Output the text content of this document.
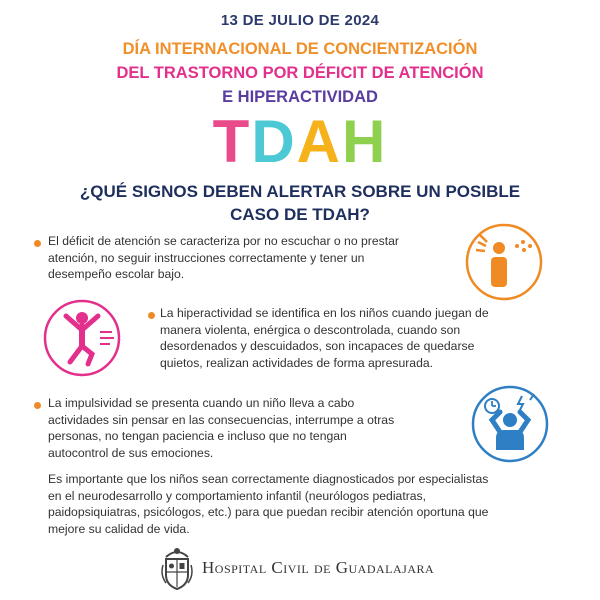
13 DE JULIO DE 2024
DÍA INTERNACIONAL DE CONCIENTIZACIÓN
DEL TRASTORNO POR DÉFICIT DE ATENCIÓN
E HIPERACTIVIDAD
TDAH
¿QUÉ SIGNOS DEBEN ALERTAR SOBRE UN POSIBLE
CASO DE TDAH?
El déficit de atención se caracteriza por no escuchar o no prestar
atención, no seguir instrucciones correctamente y tener un
desempeño escolar bajo.
La hiperactividad se identifica en los niños cuando juegan de
manera violenta, enérgica o descontrolada, cuando son
desordenados y descuidados, son incapaces de quedarse
quietos, realizan actividades de forma apresurada.
La impulsividad se presenta cuando un niño lleva a cabo
actividades sin pensar en las consecuencias, interrumpe a otras
personas, no tengan paciencia e incluso que no tengan
autocontrol de sus emociones.
Es importante que los niños sean correctamente diagnosticados por especialistas
en el neurodesarrollo y comportamiento infantil (neurólogos pediatras,
paidopsiquiatras, psicólogos, etc.) para que puedan recibir atención oportuna que
mejore su calidad de vida.
Hospital Civil de Guadalajara
